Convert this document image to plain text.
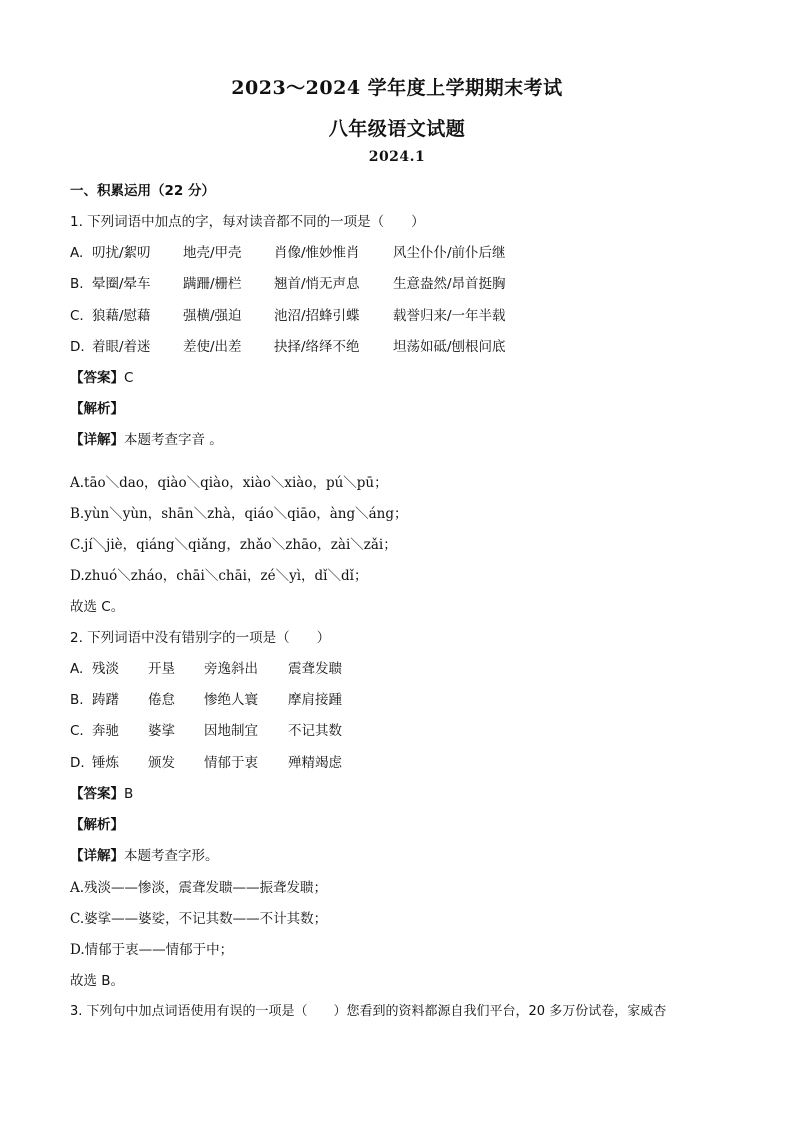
2023～2024 学年度上学期期末考试
八年级语文试题
2024.1
一、积累运用（22 分）
1. 下列词语中加点的字，每对读音都不同的一项是（　　）
A. 叨扰/絮叨 地壳/甲壳 肖像/惟妙惟肖 风尘仆仆/前仆后继
B. 晕圈/晕车 蹒跚/栅栏 翘首/悄无声息 生意盎然/昂首挺胸
C. 狼藉/慰藉 强横/强迫 池沼/招蜂引蝶 载誉归来/一年半载
D. 着眼/着迷 差使/出差 抉择/络绎不绝 坦荡如砥/刨根问底
【答案】C
【解析】
【详解】本题考查字音 。
A.tāo＼dao，qiào＼qiào，xiào＼xiào，pú＼pū；
B.yùn＼yùn，shān＼zhà，qiáo＼qiāo，àng＼áng；
C.jí＼jiè，qiáng＼qiǎng，zhǎo＼zhāo，zài＼zǎi；
D.zhuó＼zháo，chāi＼chāi，zé＼yì，dǐ＼dǐ；
故选 C。
2. 下列词语中没有错别字的一项是（　　）
A. 残淡 开垦 旁逸斜出 震聋发聩
B. 踌躇 倦怠 惨绝人寰 摩肩接踵
C. 奔驰 婆挲 因地制宜 不记其数
D. 锤炼 颁发 情郁于衷 殚精竭虑
【答案】B
【解析】
【详解】本题考查字形。
A.残淡——惨淡，震聋发聩——振聋发聩；
C.婆挲——婆娑，不记其数——不计其数；
D.情郁于衷——情郁于中；
故选 B。
3. 下列句中加点词语使用有误的一项是（　　）您看到的资料都源自我们平台，20 多万份试卷，家威杏
